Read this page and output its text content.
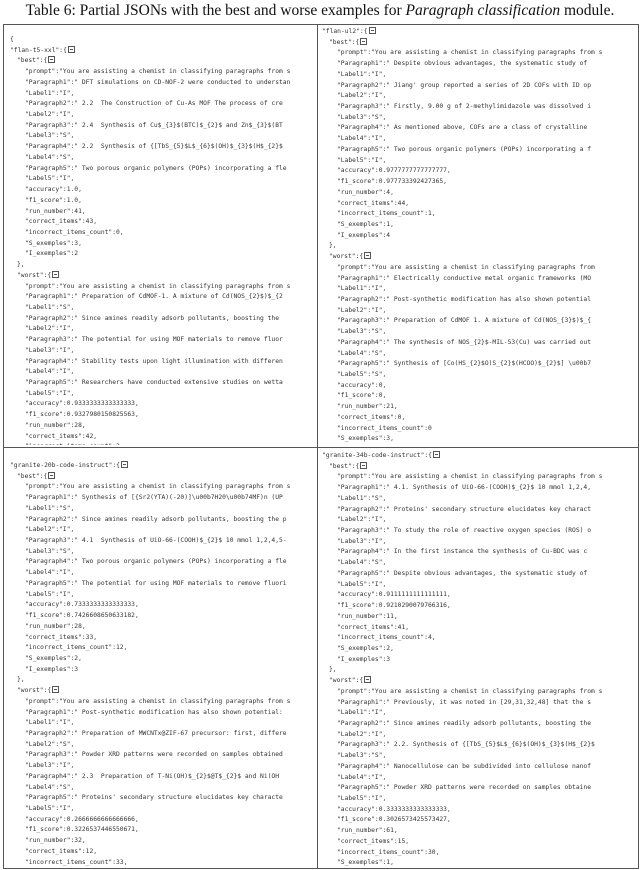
Table 6: Partial JSONs with the best and worse examples for Paragraph classification module.
{
"flan-t5-xxl":{
"best":{
"prompt":"You are assisting a chemist in classifying paragraphs from s
"Paragraph1":" DFT simulations on CD-NOF-2 were conducted to understan
"Label1":"I",
"Paragraph2":" 2.2  The Construction of Cu-As MOF The process of cre
"Label2":"I",
"Paragraph3":" 2.4  Synthesis of Cu$_{3}$(BTC)$_{2}$ and Zn$_{3}$(BT
"Label3":"S",
"Paragraph4":" 2.2  Synthesis of {[TbS_{5}$L$_{6}$(OH)$_{3}$(H$_{2}$
"Label4":"S",
"Paragraph5":" Two porous organic polymers (POPs) incorporating a fle
"Label5":"I",
"accuracy":1.0,
"f1_score":1.0,
"run_number":41,
"correct_items":43,
"incorrect_items_count":0,
"S_exemples":3,
"I_exemples":2
},
"worst":{
"prompt":"You are assisting a chemist in classifying paragraphs from s
"Paragraph1":" Preparation of CdMOF-1. A mixture of Cd(NOS_{2}$)$_{2
"Label1":"S",
"Paragraph2":" Since amines readily adsorb pollutants, boosting the
"Label2":"I",
"Paragraph3":" The potential for using MOF materials to remove fluor
"Label3":"I",
"Paragraph4":" Stability tests upon light illumination with differen
"Label4":"I",
"Paragraph5":" Researchers have conducted extensive studies on wetta
"Label5":"I",
"accuracy":0.9333333333333333,
"f1_score":0.9327980150825563,
"run_number":28,
"correct_items":42,
"flan-ul2":{
"best":{
"prompt":"You are assisting a chemist in classifying paragraphs from s
"Paragraph1":" Despite obvious advantages, the systematic study of
"Label1":"I",
"Paragraph2":" Jiang' group reported a series of 2D COFs with ID op
"Label2":"I",
"Paragraph3":" Firstly, 9.00 g of 2-methylimidazole was dissolved i
"Label3":"S",
"Paragraph4":" As mentioned above, COFs are a class of crystalline
"Label4":"I",
"Paragraph5":" Two porous organic polymers (POPs) incorporating a f
"Label5":"I",
"accuracy":0.9777777777777777,
"f1_score":0.977733392427365,
"run_number":4,
"correct_items":44,
"incorrect_items_count":1,
"S_exemples":1,
"I_exemples":4
},
"worst":{
"prompt":"You are assisting a chemist in classifying paragraphs from
"Paragraph1":" Electrically conductive metal organic frameworks (MO
"Label1":"I",
"Paragraph2":" Post-synthetic modification has also shown potential
"Label2":"I",
"Paragraph3":" Preparation of CdMOF 1. A mixture of Cd(NOS_{3}$)$_{
"Label3":"S",
"Paragraph4":" The synthesis of NOS_{2}$-MIL-53(Cu) was carried out
"Label4":"S",
"Paragraph5":" Synthesis of [Co(HS_{2}$O)S_{2}$(HCOO)$_{2}$] \u00b7
"Label5":"S",
"accuracy":0,
"f1_score":0,
"run_number":21,
"correct_items":0,
"incorrect_items_count":0
"S_exemples":3,
"granite-20b-code-instruct":{
"best":{
"prompt":"You are assisting a chemist in classifying paragraphs from s
"Paragraph1":" Synthesis of [{Sr2(YTA)(-20)]\u00b7H20\u00b74MF)n (UP
"Label1":"S",
"Paragraph2":" Since amines readily adsorb pollutants, boosting the p
"Label2":"I",
"Paragraph3":" 4.1  Synthesis of UiO-66-(COOH)$_{2}$ 10 mmol 1,2,4,5-
"Label3":"S",
"Paragraph4":" Two porous organic polymers (POPs) incorporating a fle
"Label4":"I",
"Paragraph5":" The potential for using MOF materials to remove fluori
"Label5":"I",
"accuracy":0.7333333333333333,
"f1_score":0.7426608650633182,
"run_number":28,
"correct_items":33,
"incorrect_items_count":12,
"S_exemples":2,
"I_exemples":3
},
"worst":{
"prompt":"You are assisting a chemist in classifying paragraphs from s
"Paragraph1":" Post-synthetic modification has also shown potential:
"Label1":"I",
"Paragraph2":" Preparation of MWCNTx@ZIF-67 precursor: first, differe
"Label2":"S",
"Paragraph3":" Powder XRD patterns were recorded on samples obtained
"Label3":"I",
"Paragraph4":" 2.3  Preparation of T-Ni(OH)$_{2}$@T$_{2}$ and Ni(OH
"Label4":"S",
"Paragraph5":" Proteins' secondary structure elucidates key characte
"Label5":"I",
"accuracy":0.2666666666666666,
"f1_score":0.3226537446550671,
"run_number":32,
"correct_items":12,
"incorrect_items_count":33,
"granite-34b-code-instruct":{
"best":{
"prompt":"You are assisting a chemist in classifying paragraphs from s
"Paragraph1":" 4.1. Synthesis of UiO-66-(COOH)$_{2}$ 10 mmol 1,2,4,
"Label1":"S",
"Paragraph2":" Proteins' secondary structure elucidates key charact
"Label2":"I",
"Paragraph3":" To study the role of reactive oxygen species (ROS) o
"Label3":"I",
"Paragraph4":" In the first instance the synthesis of Cu-BDC was c
"Label4":"S",
"Paragraph5":" Despite obvious advantages, the systematic study of
"Label5":"I",
"accuracy":0.9111111111111111,
"f1_score":0.9210290079766316,
"run_number":11,
"correct_items":41,
"incorrect_items_count":4,
"S_exemples":2,
"I_exemples":3
},
"worst":{
"prompt":"You are assisting a chemist in classifying paragraphs from s
"Paragraph1":" Previously, it was noted in [29,31,32,48] that the s
"Label1":"I",
"Paragraph2":" Since amines readily adsorb pollutants, boosting the
"Label2":"I",
"Paragraph3":" 2.2. Synthesis of {[TbS_{5}$L$_{6}$(OH)$_{3}$(H$_{2}$
"Label3":"S",
"Paragraph4":" Nanocellulose can be subdivided into cellulose nanof
"Label4":"I",
"Paragraph5":" Powder XRD patterns were recorded on samples obtaine
"Label5":"I",
"accuracy":0.3333333333333333,
"f1_score":0.3026573425573427,
"run_number":61,
"correct_items":15,
"incorrect_items_count":30,
"S_exemples":1,
